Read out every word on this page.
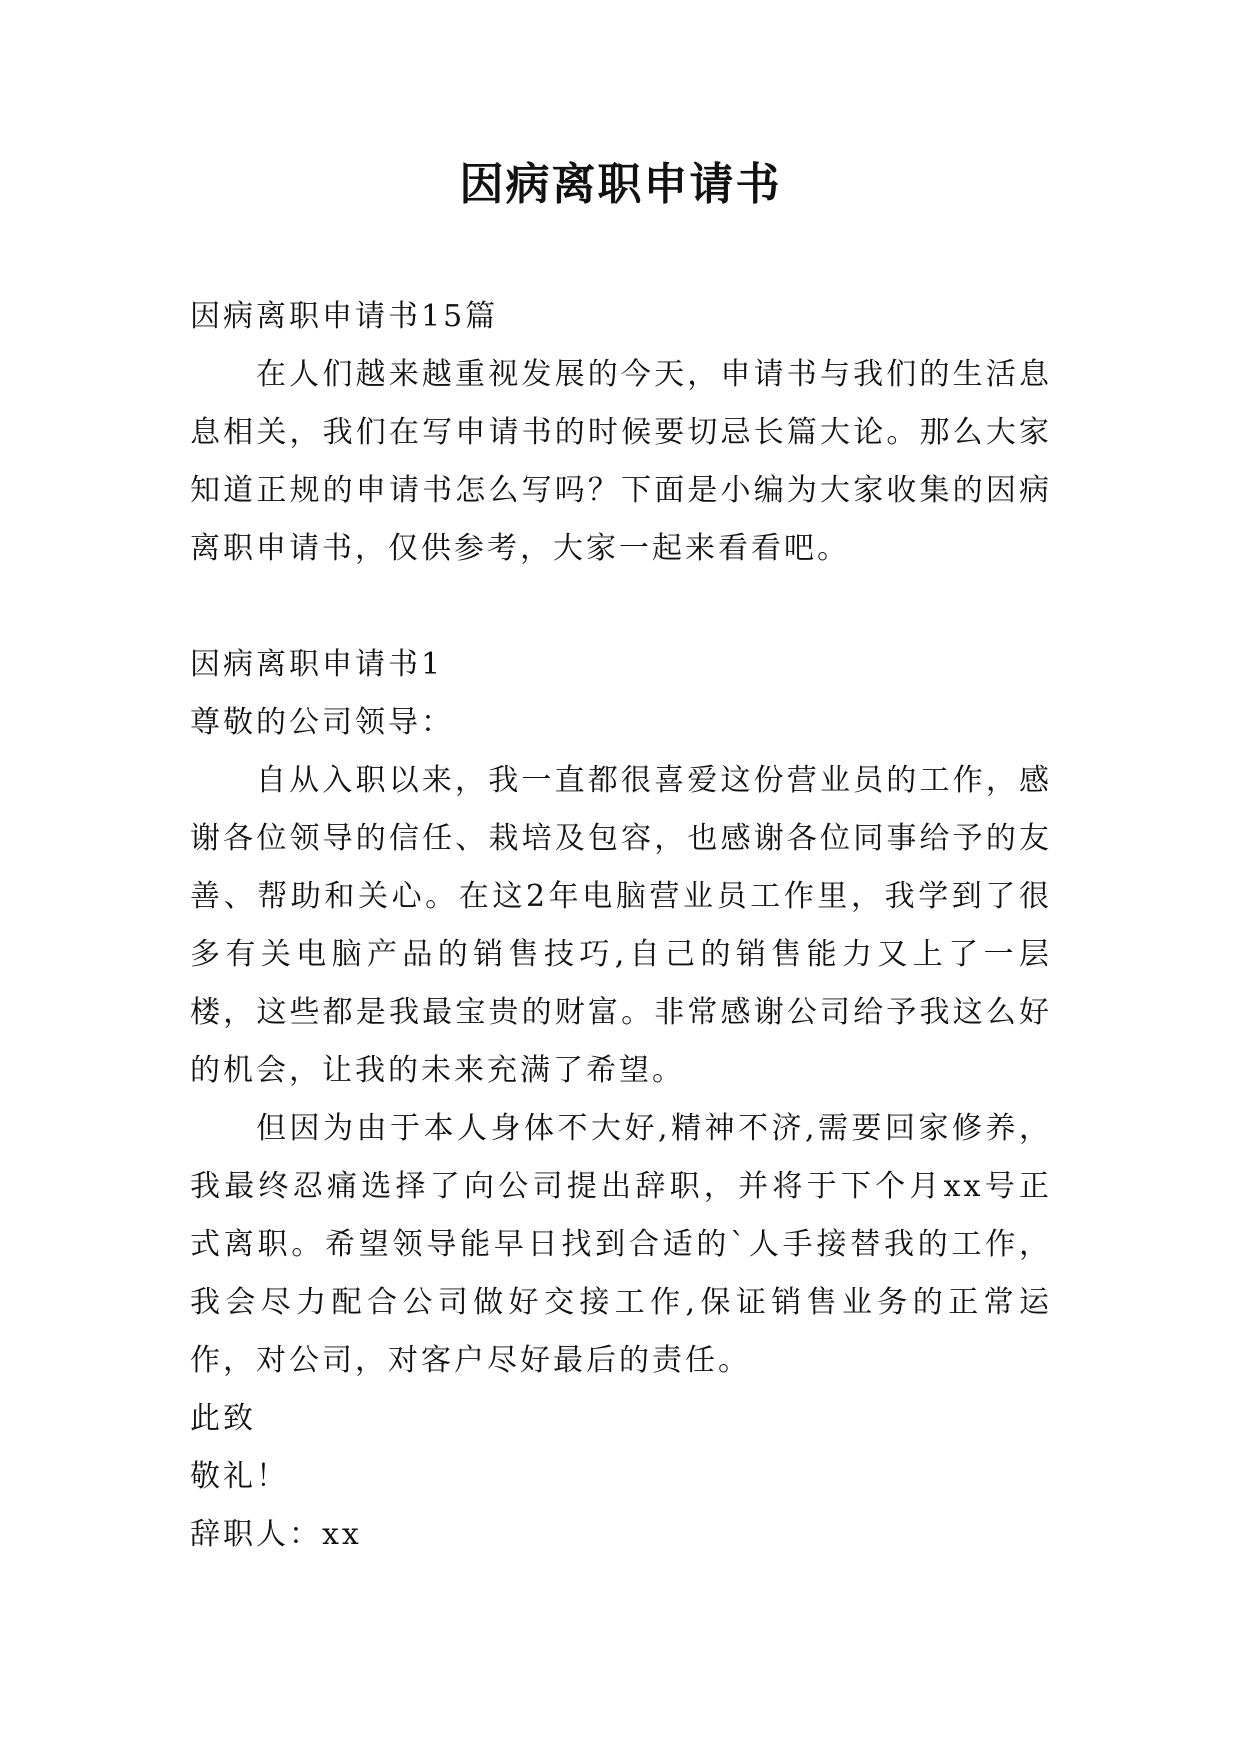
因病离职申请书

因病离职申请书15篇

在人们越来越重视发展的今天，申请书与我们的生活息息相关，我们在写申请书的时候要切忌长篇大论。那么大家知道正规的申请书怎么写吗？下面是小编为大家收集的因病离职申请书，仅供参考，大家一起来看看吧。

因病离职申请书1

尊敬的公司领导：

自从入职以来，我一直都很喜爱这份营业员的工作，感谢各位领导的信任、栽培及包容，也感谢各位同事给予的友善、帮助和关心。在这2年电脑营业员工作里，我学到了很多有关电脑产品的销售技巧,自己的销售能力又上了一层楼，这些都是我最宝贵的财富。非常感谢公司给予我这么好的机会，让我的未来充满了希望。

但因为由于本人身体不大好,精神不济,需要回家修养，我最终忍痛选择了向公司提出辞职，并将于下个月xx号正式离职。希望领导能早日找到合适的`人手接替我的工作，我会尽力配合公司做好交接工作,保证销售业务的正常运作，对公司，对客户尽好最后的责任。

此致

敬礼！

辞职人：xx
